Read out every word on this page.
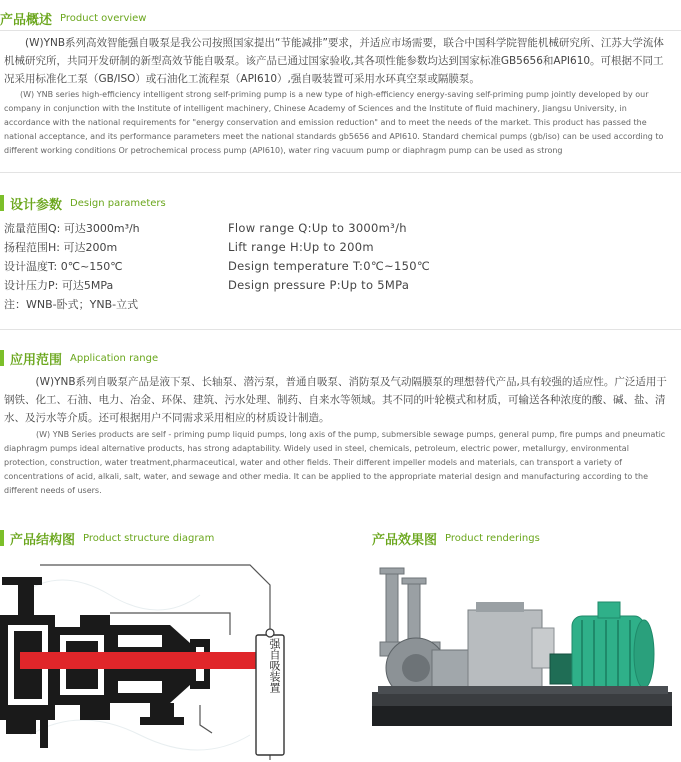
产品概述 Product overview
(W)YNB系列高效智能强自吸泵是我公司按照国家提出“节能减排”要求，并适应市场需要，联合中国科学院智能机械研究所、江苏大学流体机械研究所，共同开发研制的新型高效节能自吸泵。该产品已通过国家验收,其各项性能参数均达到国家标准GB5656和API610。可根据不同工况采用标准化工泵（GB/ISO）或石油化工流程泵（API610）,强自吸装置可采用水环真空泵或隔膜泵。
(W) YNB series high-efficiency intelligent strong self-priming pump is a new type of high-efficiency energy-saving self-priming pump jointly developed by our company in conjunction with the Institute of intelligent machinery, Chinese Academy of Sciences and the Institute of fluid machinery, Jiangsu University, in accordance with the national requirements for "energy conservation and emission reduction" and to meet the needs of the market. This product has passed the national acceptance, and its performance parameters meet the national standards gb5656 and API610. Standard chemical pumps (gb/iso) can be used according to different working conditions Or petrochemical process pump (API610), water ring vacuum pump or diaphragm pump can be used as strong
设计参数 Design parameters
流量范围Q: 可达3000m³/h
扬程范围H: 可达200m
设计温度T: 0℃~150℃
设计压力P: 可达5MPa
注：WNB-卧式；YNB-立式
Flow range Q:Up to 3000m³/h
Lift range H:Up to 200m
Design temperature T:0℃~150℃
Design pressure P:Up to 5MPa
应用范围 Application range
(W)YNB系列自吸泵产品是液下泵、长轴泵、潜污泵，普通自吸泵、消防泵及气动隔膜泵的理想替代产品,具有较强的适应性。广泛适用于钢铁、化工、石油、电力、冶金、环保、建筑、污水处理、制药、自来水等领域。其不同的叶轮模式和材质，可输送各种浓度的酸、碱、盐、清水、及污水等介质。还可根据用户不同需求采用相应的材质设计制造。
(W) YNB Series products are self - priming pump liquid pumps, long axis of the pump, submersible sewage pumps, general pump, fire pumps and pneumatic diaphragm pumps ideal alternative products, has strong adaptability. Widely used in steel, chemicals, petroleum, electric power, metallurgy, environmental protection, construction, water treatment,pharmaceutical, water and other fields. Their different impeller models and materials, can transport a variety of concentrations of acid, alkali, salt, water, and sewage and other media. It can be applied to the appropriate material design and manufacturing according to the different needs of users.
产品结构图 Product structure diagram	产品效果图 Product renderings
强自吸装置
